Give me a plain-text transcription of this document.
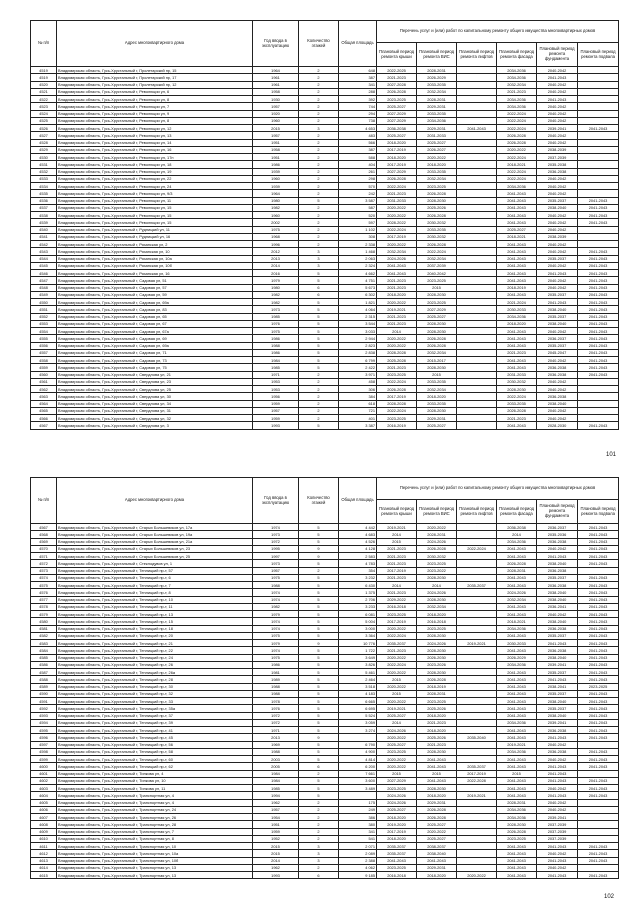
№ п/п	Адрес многоквартирного дома	Год ввода в эксплуатацию	Количество этажей	Общая площадь	Перечень услуг и (или) работ по капитальному ремонту общего имущества многоквартирных домов					
					Плановый период ремонта крыши	Плановый период ремонта ВИС	Плановый период ремонта лифтов	Плановый период ремонта фасада	Плановый период ремонта фундамента	Плановый период ремонта подвала
4519	Владимирская область, Гусь-Хрустальный г, Пролетарский пр, 15	1964	2	648	2022-2025	2028-2031		2034-2036	2040-2042	
4519	Владимирская область, Гусь-Хрустальный г, Пролетарский пр, 17	1961	2	387	2021-2023	2026-2029		2034-2036	2041-2043	
4520	Владимирская область, Гусь-Хрустальный г, Пролетарский пр, 12	1961	2	341	2027-2028	2033-2035		2032-2034	2040-2042	
4521	Владимирская область, Гусь-Хрустальный г, Революции ул, 6	1958	2	288	2026-2028	2032-2034		2021-2023	2040-2042	
4522	Владимирская область, Гусь-Хрустальный г, Революции ул, 8	1930	2	392	2023-2025	2028-2031		2034-2036	2041-2043	
4523	Владимирская область, Гусь-Хрустальный г, Революции ул, 7	1957	2	744	2025-2027	2029-2031		2034-2036	2040-2042	
4524	Владимирская область, Гусь-Хрустальный г, Революции ул, 9	1920	2	294	2027-2029	2033-2035		2022-2024	2040-2042	
4525	Владимирская область, Гусь-Хрустальный г, Революции ул, 8	1960	2	738	2027-2029	2034-2036		2022-2024	2040-2042	
4526	Владимирская область, Гусь-Хрустальный г, Революции ул, 12	2015	3	4 653	2036-2038	2029-2031	2041-2043	2022-2024	2039-2041	2041-2043
4527	Владимирская область, Гусь-Хрустальный г, Революции ул, 13	1957	2	483	2025-2027	2031-2033		2026-2028	2040-2042	
4528	Владимирская область, Гусь-Хрустальный г, Революции ул, 14	1951	2	566	2018-2020	2025-2027		2026-2028	2040-2042	
4529	Владимирская область, Гусь-Хрустальный г, Революции ул, 16	1958	2	387	2017-2019	2026-2027		2020-2022	2038-2039	
4530	Владимирская область, Гусь-Хрустальный г, Революции ул, 17п	1951	2	588	2018-2020	2020-2022		2022-2024	2037-2039	
4531	Владимирская область, Гусь-Хрустальный г, Революции ул, 18	1986	2	404	2017-2019	2018-2020		2018-2021	2035-2038	
4532	Владимирская область, Гусь-Хрустальный г, Революции ул, 19	1939	2	261	2027-2029	2033-2035		2022-2024	2036-2038	
4533	Владимирская область, Гусь-Хрустальный г, Революции ул, 22	1960	2	298	2026-2028	2032-2034		2022-2024	2040-2042	
4534	Владимирская область, Гусь-Хрустальный г, Революции ул, 24	1939	2	570	2022-2024	2023-2025		2034-2036	2040-2042	
4535	Владимирская область, Гусь-Хрустальный г, Революции ул, 9/3	1964	2	242	2021-2023	2026-2028		2041-2043	2040-2042	
4536	Владимирская область, Гусь-Хрустальный г, Революции ул, 11	1980	5	3 587	2031-2033	2028-2030		2041-2043	2035-2037	2041-2043
4537	Владимирская область, Гусь-Хрустальный г, Революции ул, 15	1982	2	587	2020-2022	2025-2026		2041-2043	2038-2040	2041-2043
4538	Владимирская область, Гусь-Хрустальный г, Революции ул, 15	1960	2	520	2020-2022	2026-2028		2041-2043	2040-2042	2041-2043
4539	Владимирская область, Гусь-Хрустальный г, Революции ул, 15	2002	2	597	2028-2022	2030-2032		2041-2043	2040-2042	2041-2043
4540	Владимирская область, Гусь-Хрустальный г, Рудницкий ул, 11	1975	2	1 102	2022-2024	2033-2035		2025-2027	2040-2042	
4541	Владимирская область, Гусь-Хрустальный г, Рудницкий ул, 16	1968	2	308	2017-2019	2030-2032		2018-2021	2038-2039	
4542	Владимирская область, Гусь-Хрустальный г, Рязанская ул, 2	1996	2	2 338	2020-2022	2026-2028		2041-2043	2040-2042	
4543	Владимирская область, Гусь-Хрустальный г, Рязанская ул, 10	2012	3	1 468	2032-2034	2022-2024		2041-2043	2040-2042	2041-2043
4544	Владимирская область, Гусь-Хрустальный г, Рязанская ул, 10а	2013	3	2 063	2024-2026	2032-2034		2041-2043	2035-2037	2041-2043
4545	Владимирская область, Гусь-Хрустальный г, Рязанская ул, 10б	2014	3	2 324	2041-2043	2037-2039		2041-2043	2040-2042	2041-2043
4546	Владимирская область, Гусь-Хрустальный г, Рязанская ул, 16	2016	5	4 662	2041-2043	2040-2042		2041-2043	2041-2043	2041-2043
4547	Владимирская область, Гусь-Хрустальный г, Садовая ул, 51	1979	5	4 751	2021-2023	2023-2025		2041-2043	2040-2042	2041-2043
4548	Владимирская область, Гусь-Хрустальный г, Садовая ул, 57	1980	6	5 673	2021-2023	2015		2018-2019	2040-2042	2041-2043
4549	Владимирская область, Гусь-Хрустальный г, Садовая ул, 59	1982	6	6 302	2018-2020	2028-2030		2041-2043	2035-2037	2041-2043
4550	Владимирская область, Гусь-Хрустальный г, Садовая ул, 69а	1982	5	1 821	2020-2022	2023-2025		2021-2024	2041-2043	2041-2043
4551	Владимирская область, Гусь-Хрустальный г, Садовая ул, 83	1973	5	4 064	2019-2021	2027-2029		2030-2033	2038-2040	2041-2043
4552	Владимирская область, Гусь-Хрустальный г, Садовая ул, 65	1985	5	2 315	2021-2023	2025-2027		2034-2036	2035-2037	2041-2043
4553	Владимирская область, Гусь-Хрустальный г, Садовая ул, 67	1976	5	3 544	2021-2023	2028-2030		2018-2020	2038-2040	2041-2043
4554	Владимирская область, Гусь-Хрустальный г, Садовая ул, 67а	1975	5	3 033	2014	2028-2030		2041-2043	2040-2042	2041-2043
4555	Владимирская область, Гусь-Хрустальный г, Садовая ул, 69	1986	5	2 944	2020-2022	2026-2028		2041-2043	2036-2037	2041-2043
4556	Владимирская область, Гусь-Хрустальный г, Садовая ул, 69а	1988	5	2 823	2020-2022	2026-2028		2041-2043	2035-2037	2041-2043
4557	Владимирская область, Гусь-Хрустальный г, Садовая ул, 71	1986	5	2 838	2028-2028	2032-2034		2021-2023	2045-2047	2041-2043
4558	Владимирская область, Гусь-Хрустальный г, Садовая ул, 73	1984	5	6 799	2025-2028	2015-2017		2041-2043	2040-2042	2041-2043
4559	Владимирская область, Гусь-Хрустальный г, Садовая ул, 75	1985	5	2 422	2021-2023	2028-2030		2041-2043	2036-2038	2041-2043
4560	Владимирская область, Гусь-Хрустальный г, Свердлова ул, 21	1971	2	3 971	2023-2025	2015		2031-2033	2036-2038	2041-2043
4561	Владимирская область, Гусь-Хрустальный г, Свердлова ул, 23	1953	2	458	2022-2024	2033-2035		2030-2032	2040-2042	
4562	Владимирская область, Гусь-Хрустальный г, Свердлова ул, 25	1953	2	306	2026-2028	2032-2034		2028-2030	2040-2042	
4563	Владимирская область, Гусь-Хрустальный г, Свердлова ул, 30	1956	2	384	2017-2019	2018-2020		2022-2024	2036-2038	
4564	Владимирская область, Гусь-Хрустальный г, Свердлова ул, 34	1959	2	618	2028-2028	2033-2035		2033-2035	2038-2040	
4565	Владимирская область, Гусь-Хрустальный г, Свердлова ул, 31	1957	2	721	2022-2024	2028-2030		2026-2028	2040-2042	
4566	Владимирская область, Гусь-Хрустальный г, Свердлова ул, 32	1959	2	401	2023-2025	2029-2031		2021-2023	2040-2042	
4567	Владимирская область, Гусь-Хрустальный г, Свердлова ул, 3	1993	5	3 387	2016-2019	2025-2027		2041-2043	2028-2030	2041-2043
101
№ п/п	Адрес многоквартирного дома	Год ввода в эксплуатацию	Количество этажей	Общая площадь	Перечень услуг и (или) работ по капитальному ремонту общего имущества многоквартирных домов					
					Плановый период ремонта крыши	Плановый период ремонта ВИС	Плановый период ремонта лифтов	Плановый период ремонта фасада	Плановый период ремонта фундамента	Плановый период ремонта подвала
4567	Владимирская область, Гусь-Хрустальный г, Старых Большевиков ул, 17а	1974	5	4 442	2019-2021	2020-2022		2036-2038	2036-2037	2041-2043
4568	Владимирская область, Гусь-Хрустальный г, Старых Большевиков ул, 19а	1973	5	4 683	2014	2028-2031		2014	2035-2036	2041-2043
4569	Владимирская область, Гусь-Хрустальный г, Старых Большевиков ул, 21а	1972	5	4 526	2015	2024-2026		2034-2036	2036-2038	2041-2043
4570	Владимирская область, Гусь-Хрустальный г, Старых Большевиков ул, 23	1995	9	4 128	2021-2023	2026-2028	2022-2024	2041-2043	2040-2042	2041-2043
4571	Владимирская область, Гусь-Хрустальный г, Старых Большевиков ул, 25	1997	9	2 583	2021-2023	2030-2032		2041-2043	2041-2043	2041-2043
4572	Владимирская область, Гусь-Хрустальный г, Стеклодувов ул, 1	1973	5	4 783	2021-2023	2023-2025		2026-2028	2038-2040	2041-2043
4573	Владимирская область, Гусь-Хрустальный г, Теплицкий пр-т, 57	1957	2	354	2017-2019	2023-2022		2028-2031	2036-2038	
4574	Владимирская область, Гусь-Хрустальный г, Теплицкий пр-т, 6	1975	5	3 232	2021-2023	2028-2030		2041-2043	2035-2037	2041-2043
4575	Владимирская область, Гусь-Хрустальный г, Теплицкий пр-т, 7	1988	5	6 430	2014	2014	2035-2037	2041-2043	2036-2038	2041-2043
4576	Владимирская область, Гусь-Хрустальный г, Теплицкий пр-т, 8	1974	5	1 375	2021-2023	2024-2026		2024-2026	2038-2040	2041-2043
4577	Владимирская область, Гусь-Хрустальный г, Теплицкий пр-т, 10	1974	5	2 706	2029-2022	2028-2030		2032-2034	2038-2040	2041-2043
4578	Владимирская область, Гусь-Хрустальный г, Теплицкий пр-т, 11	1982	5	3 233	2016-2018	2032-2034		2041-2043	2036-2041	2041-2043
4579	Владимирская область, Гусь-Хрустальный г, Теплицкий пр-т, 13	1979	5	6 081	2023-2025	2018-2020		2041-2043	2040-2042	2041-2043
4580	Владимирская область, Гусь-Хрустальный г, Теплицкий пр-т, 15	1974	5	5 004	2017-2019	2016-2018		2018-2021	2038-2040	2041-2043
4581	Владимирская область, Гусь-Хрустальный г, Теплицкий пр-т, 18	1974	5	3 000	2020-2022	2023-2025		2034-2036	2036-2038	2041-2043
4582	Владимирская область, Гусь-Хрустальный г, Теплицкий пр-т, 20	1975	5	3 364	2022-2024	2028-2030		2041-2043	2035-2037	2041-2043
4583	Владимирская область, Гусь-Хрустальный г, Теплицкий пр-т, 21	1979	9	10 776	2035-2037	2024-2026	2019-2021	2030-2033	2041-2043	2041-2043
4584	Владимирская область, Гусь-Хрустальный г, Теплицкий пр-т, 22	1974	5	1 722	2021-2023	2028-2030		2041-2043	2036-2038	2041-2043
4585	Владимирская область, Гусь-Хрустальный г, Теплицкий пр-т, 24	1975	5	3 649	2020-2022	2026-2030		2026-2029	2038-2040	2041-2043
4586	Владимирская область, Гусь-Хрустальный г, Теплицкий пр-т, 26	1986	5	3 826	2022-2024	2023-2026		2034-2036	2039-2041	2041-2043
4587	Владимирская область, Гусь-Хрустальный г, Теплицкий пр-т, 26а	1981	5	5 461	2020-2022	2028-2030		2041-2043	2035-2037	2041-2043
4588	Владимирская область, Гусь-Хрустальный г, Теплицкий пр-т, 28	1989	5	2 464	2015	2026-2028		2041-2043	2041-2043	2041-2043
4589	Владимирская область, Гусь-Хрустальный г, Теплицкий пр-т, 30	1988	5	3 518	2020-2022	2018-2019		2041-2043	2038-2041	2023-2025
4590	Владимирская область, Гусь-Хрустальный г, Теплицкий пр-т, 32	1988	5	4 183	2015	2028-2031		2041-2043	2035-2037	2041-2043
4591	Владимирская область, Гусь-Хрустальный г, Теплицкий пр-т, 33	1978	5	6 665	2020-2022	2023-2025		2041-2043	2038-2040	2041-2043
4592	Владимирская область, Гусь-Хрустальный г, Теплицкий пр-т, 35а	1976	5	6 695	2019-2021	2025-2026		2041-2043	2035-2037	2041-2043
4593	Владимирская область, Гусь-Хрустальный г, Теплицкий пр-т, 37	1972	5	5 524	2025-2027	2018-2020		2041-2043	2038-2040	2041-2043
4594	Владимирская область, Гусь-Хрустальный г, Теплицкий пр-т, 39	1972	5	3 059	2014	2021-2023		2034-2036	2039-2041	2041-2043
4595	Владимирская область, Гусь-Хрустальный г, Теплицкий пр-т, 41	1971	5	3 274	2024-2026	2018-2020		2041-2043	2036-2038	2041-2043
4596	Владимирская область, Гусь-Хрустальный г, Теплицкий пр-т, 45	2013	9		2020-2022	2025-2026	2035-2040	2041-2043	2041-2043	2041-2043
4597	Владимирская область, Гусь-Хрустальный г, Теплицкий пр-т, 56	1969	5	6 790	2025-2027	2021-2023		2019-2021	2040-2042	
4598	Владимирская область, Гусь-Хрустальный г, Теплицкий пр-т, 58	1988	5	4 900	2023-2025	2028-2030		2034-2036	2036-2038	2041-2043
4599	Владимирская область, Гусь-Хрустальный г, Теплицкий пр-т, 60	2003	5	4 814	2020-2022	2041-2043		2041-2043	2040-2042	2041-2043
4600	Владимирская область, Гусь-Хрустальный г, Теплицкий пр-т, 62	2005	6	6 200	2020-2022	2041-2043	2035-2037	2041-2043	2041-2043	2041-2043
4601	Владимирская область, Гусь-Хрустальный г, Тинкова ул, 4	1984	2	7 661	2015	2015	2017-2019	2015	2041-2043	
4602	Владимирская область, Гусь-Хрустальный г, Тинкова ул, 10	1984	5	3 600	2027-2029	2041-2043	2022-2028	2041-2043	2041-2043	2041-2043
4603	Владимирская область, Гусь-Хрустальный г, Тинкова ул, 11	1985	5	3 489	2023-2025	2028-2030		2041-2043	2040-2042	2041-2043
4604	Владимирская область, Гусь-Хрустальный г, Транспортная ул, 4	1994	5		2024-2026	2018-2020	2019-2021	2041-2043	2041-2043	2041-2043
4605	Владимирская область, Гусь-Хрустальный г, Транспортная ул, 4	1962	2	175	2024-2026	2029-2031		2028-2031	2040-2042	
4606	Владимирская область, Гусь-Хрустальный г, Транспортная ул, 24	1957	2	249	2025-2027	2026-2028		2034-2036	2040-2042	
4607	Владимирская область, Гусь-Хрустальный г, Транспортная ул, 26	1954	2	386	2018-2020	2026-2028		2034-2036	2039-2041	
4608	Владимирская область, Гусь-Хрустальный г, Транспортная ул, 28	1951	2	380	2019-2020	2025-2027		2028-2030	2037-2039	
4609	Владимирская область, Гусь-Хрустальный г, Транспортная ул, 7	1959	2	341	2017-2019	2020-2022		2026-2028	2037-2039	
4610	Владимирская область, Гусь-Хрустальный г, Транспортная ул, 8	1952	2	541	2018-2020	2025-2027		2023-2025	2037-2039	
4611	Владимирская область, Гусь-Хрустальный г, Транспортная ул, 10	2015	3	2 071	2035-2037	2038-2037		2041-2043	2041-2043	2041-2043
4612	Владимирская область, Гусь-Хрустальный г, Транспортная ул, 10а	2015	3	2 089	2035-2037	2038-2040		2041-2043	2040-2042	2041-2043
4613	Владимирская область, Гусь-Хрустальный г, Транспортная ул, 10б	2014	3	2 388	2041-2043	2041-2043		2041-2043	2041-2043	2041-2043
4614	Владимирская область, Гусь-Хрустальный г, Транспортная ул, 13	1962	2	4 062	2023-2025	2029-2031		2041-2043	2040-2042	
4615	Владимирская область, Гусь-Хрустальный г, Транспортная ул, 13	1993	6	9 185	2016-2018	2018-2020	2020-2022	2041-2043	2041-2043	2041-2043
102
